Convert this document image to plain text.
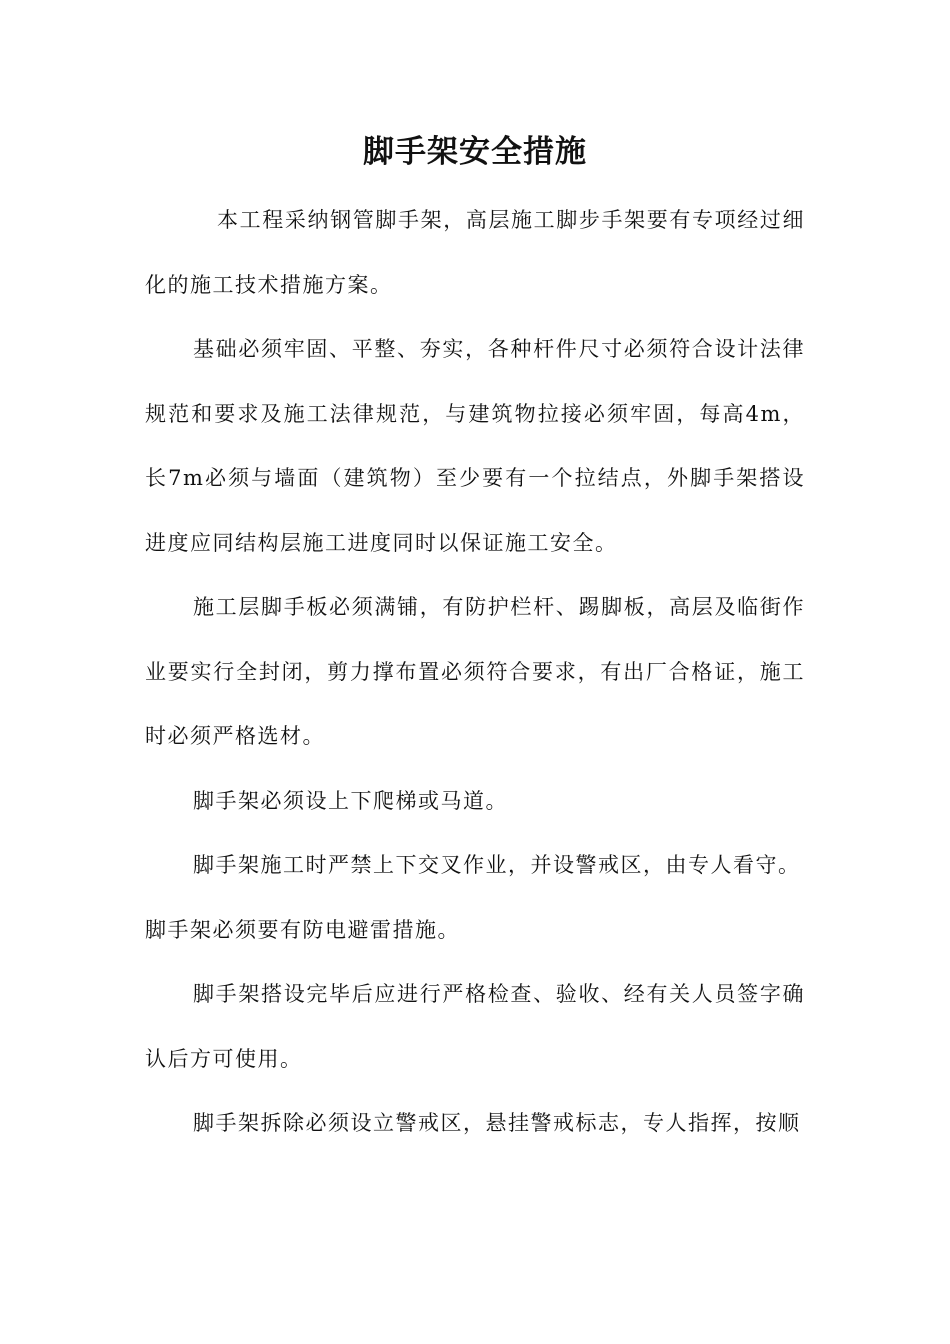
脚手架安全措施

本工程采纳钢管脚手架，高层施工脚步手架要有专项经过细化的施工技术措施方案。

基础必须牢固、平整、夯实，各种杆件尺寸必须符合设计法律规范和要求及施工法律规范，与建筑物拉接必须牢固，每高4m，长7m必须与墙面（建筑物）至少要有一个拉结点，外脚手架搭设进度应同结构层施工进度同时以保证施工安全。

施工层脚手板必须满铺，有防护栏杆、踢脚板，高层及临街作业要实行全封闭，剪力撑布置必须符合要求，有出厂合格证，施工时必须严格选材。

脚手架必须设上下爬梯或马道。

脚手架施工时严禁上下交叉作业，并设警戒区，由专人看守。

脚手架必须要有防电避雷措施。

脚手架搭设完毕后应进行严格检查、验收、经有关人员签字确认后方可使用。

脚手架拆除必须设立警戒区，悬挂警戒标志，专人指挥，按顺
